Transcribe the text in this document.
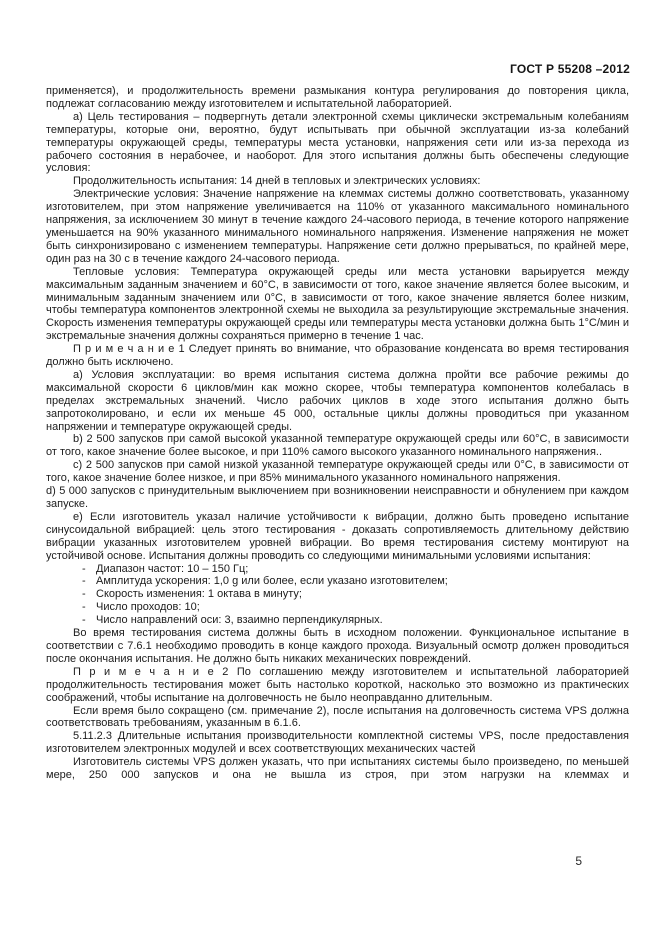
ГОСТ Р 55208 –2012

применяется), и продолжительность времени размыкания контура регулирования до повторения цикла, подлежат согласованию между изготовителем и испытательной лабораторией.

а) Цель тестирования – подвергнуть детали электронной схемы циклически экстремальным колебаниям температуры, которые они, вероятно, будут испытывать при обычной эксплуатации из-за колебаний температуры окружающей среды, температуры места установки, напряжения сети или из-за перехода из рабочего состояния в нерабочее, и наоборот. Для этого испытания должны быть обеспечены следующие условия:

Продолжительность испытания: 14 дней в тепловых и электрических условиях:

Электрические условия: Значение напряжение на клеммах системы должно соответствовать, указанному изготовителем, при этом напряжение увеличивается на 110% от указанного максимального номинального напряжения, за исключением 30 минут в течение каждого 24-часового периода, в течение которого напряжение уменьшается на 90% указанного минимального номинального напряжения. Изменение напряжения не может быть синхронизировано с изменением температуры. Напряжение сети должно прерываться, по крайней мере, один раз на 30 с в течение каждого 24-часового периода.

Тепловые условия: Температура окружающей среды или места установки варьируется между максимальным заданным значением и 60°С, в зависимости от того, какое значение является более высоким, и минимальным заданным значением или 0°С, в зависимости от того, какое значение является более низким, чтобы температура компонентов электронной схемы не выходила за результирующие экстремальные значения. Скорость изменения температуры окружающей среды или температуры места установки должна быть 1°С/мин и экстремальные значения должны сохраняться примерно в течение 1 час.

П р и м е ч а н и е 1 Следует принять во внимание, что образование конденсата во время тестирования должно быть исключено.

а) Условия эксплуатации: во время испытания система должна пройти все рабочие режимы до максимальной скорости 6 циклов/мин как можно скорее, чтобы температура компонентов колебалась в пределах экстремальных значений. Число рабочих циклов в ходе этого испытания должно быть запротоколировано, и если их меньше 45 000, остальные циклы должны проводиться при указанном напряжении и температуре окружающей среды.

b) 2 500 запусков при самой высокой указанной температуре окружающей среды или 60°С, в зависимости от того, какое значение более высокое, и при 110% самого высокого указанного номинального напряжения..

c) 2 500 запусков при самой низкой указанной температуре окружающей среды или 0°С, в зависимости от того, какое значение более низкое, и при 85% минимального указанного номинального напряжения.

d) 5 000 запусков с принудительным выключением при возникновении неисправности и обнулением при каждом запуске.

е) Если изготовитель указал наличие устойчивости к вибрации, должно быть проведено испытание синусоидальной вибрацией: цель этого тестирования - доказать сопротивляемость длительному действию вибрации указанных изготовителем уровней вибрации. Во время тестирования систему монтируют на устойчивой основе. Испытания должны проводить со следующими минимальными условиями испытания:

- Диапазон частот: 10 – 150 Гц;
- Амплитуда ускорения: 1,0 g или более, если указано изготовителем;
- Скорость изменения: 1 октава в минуту;
- Число проходов: 10;
- Число направлений оси: 3, взаимно перпендикулярных.

Во время тестирования система должны быть в исходном положении. Функциональное испытание в соответствии с 7.6.1 необходимо проводить в конце каждого прохода. Визуальный осмотр должен проводиться после окончания испытания. Не должно быть никаких механических повреждений.

П р и м е ч а н и е 2 По соглашению между изготовителем и испытательной лабораторией продолжительность тестирования может быть настолько короткой, насколько это возможно из практических соображений, чтобы испытание на долговечность не было неоправданно длительным.

Если время было сокращено (см. примечание 2), после испытания на долговечность система VPS должна соответствовать требованиям, указанным в 6.1.6.

5.11.2.3 Длительные испытания производительности комплектной системы VPS, после предоставления изготовителем электронных модулей и всех соответствующих механических частей

Изготовитель системы VPS должен указать, что при испытаниях системы было произведено, по меньшей мере, 250 000 запусков и она не вышла из строя, при этом нагрузки на клеммах и

5
